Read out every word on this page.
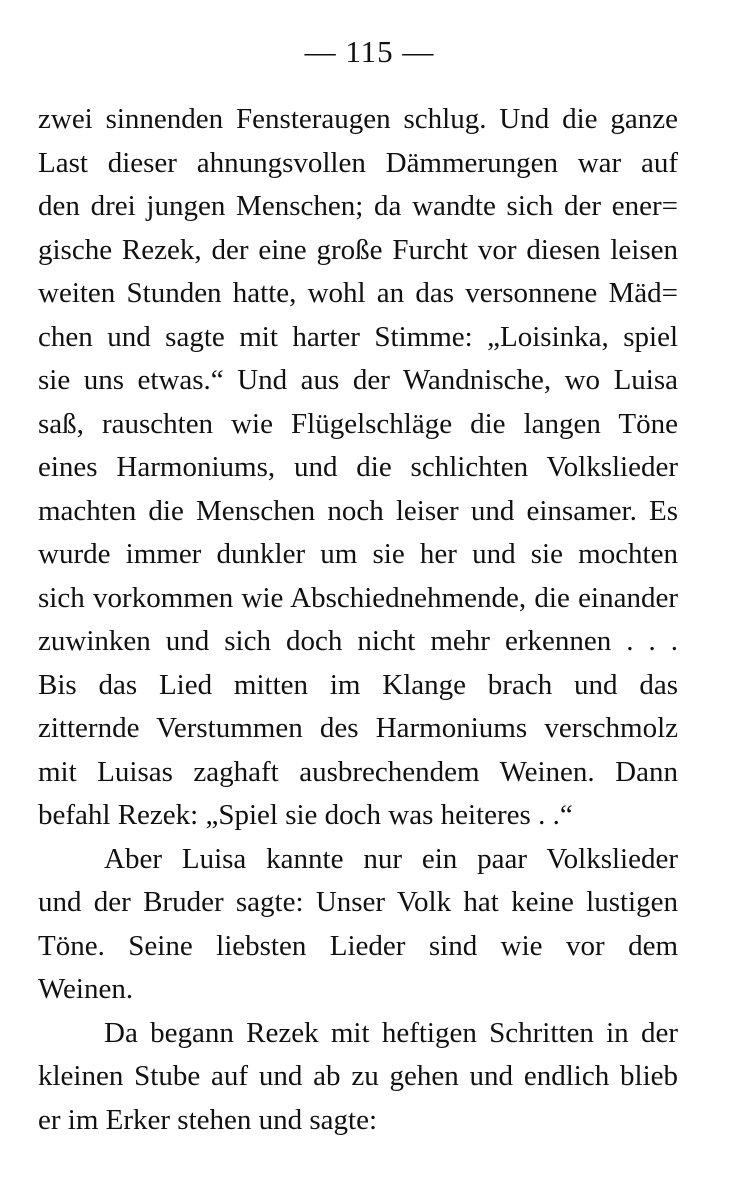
— 115 —
zwei sinnenden Fensteraugen schlug. Und die ganze
Last dieser ahnungsvollen Dämmerungen war auf
den drei jungen Menschen; da wandte sich der ener=
gische Rezek, der eine große Furcht vor diesen leisen
weiten Stunden hatte, wohl an das versonnene Mäd=
chen und sagte mit harter Stimme: „Loisinka, spiel
sie uns etwas.“ Und aus der Wandnische, wo Luisa
saß, rauschten wie Flügelschläge die langen Töne
eines Harmoniums, und die schlichten Volkslieder
machten die Menschen noch leiser und einsamer. Es
wurde immer dunkler um sie her und sie mochten
sich vorkommen wie Abschiednehmende, die einander
zuwinken und sich doch nicht mehr erkennen . . .
Bis das Lied mitten im Klange brach und das
zitternde Verstummen des Harmoniums verschmolz
mit Luisas zaghaft ausbrechendem Weinen. Dann
befahl Rezek: „Spiel sie doch was heiteres . .“
Aber Luisa kannte nur ein paar Volkslieder
und der Bruder sagte: Unser Volk hat keine lustigen
Töne. Seine liebsten Lieder sind wie vor dem
Weinen.
Da begann Rezek mit heftigen Schritten in der
kleinen Stube auf und ab zu gehen und endlich blieb
er im Erker stehen und sagte:
